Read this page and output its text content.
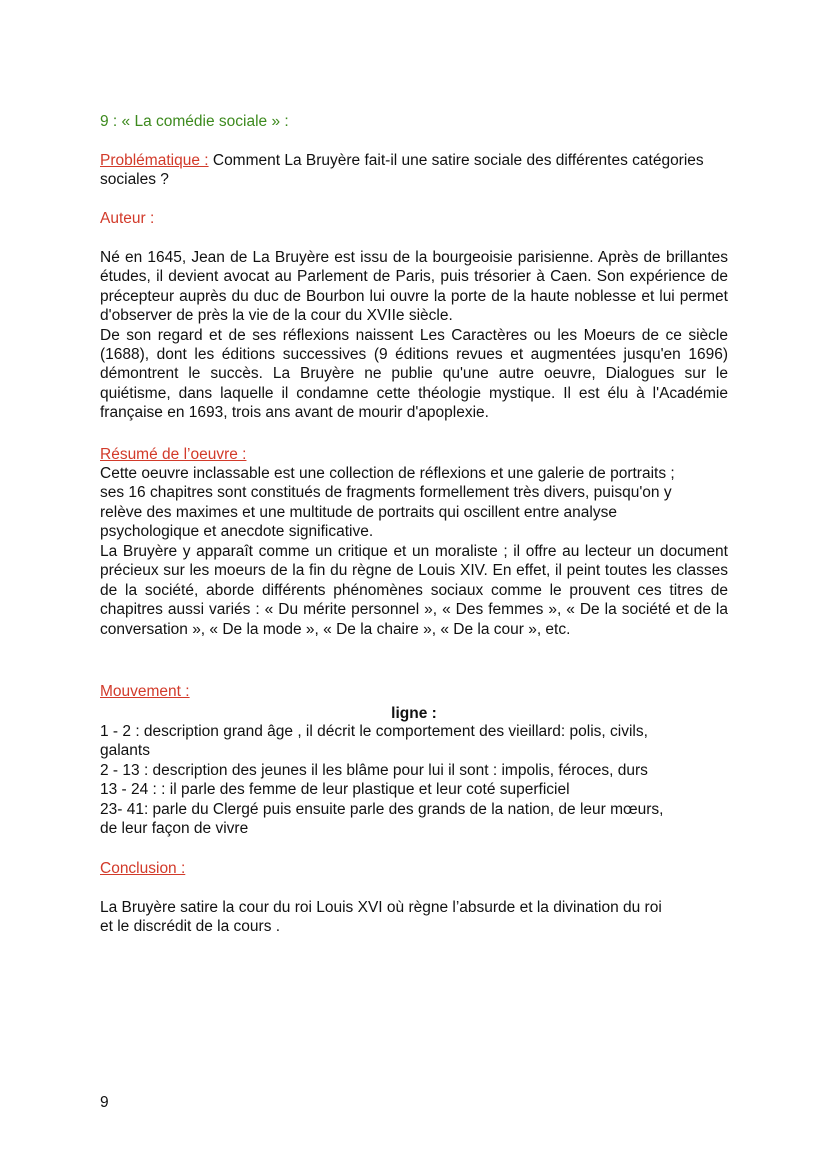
9 : « La comédie sociale » :
Problématique : Comment La Bruyère fait-il une satire sociale des différentes catégories sociales ?
Auteur :

Né en 1645, Jean de La Bruyère est issu de la bourgeoisie parisienne. Après de brillantes études, il devient avocat au Parlement de Paris, puis trésorier à Caen. Son expérience de précepteur auprès du duc de Bourbon lui ouvre la porte de la haute noblesse et lui permet d'observer de près la vie de la cour du XVIIe siècle.

De son regard et de ses réflexions naissent Les Caractères ou les Moeurs de ce siècle (1688), dont les éditions successives (9 éditions revues et augmentées jusqu'en 1696) démontrent le succès. La Bruyère ne publie qu'une autre oeuvre, Dialogues sur le quiétisme, dans laquelle il condamne cette théologie mystique. Il est élu à l'Académie française en 1693, trois ans avant de mourir d'apoplexie.

Résumé de l’oeuvre :

Cette oeuvre inclassable est une collection de réflexions et une galerie de portraits ;

ses 16 chapitres sont constitués de fragments formellement très divers, puisqu'on y

relève des maximes et une multitude de portraits qui oscillent entre analyse

psychologique et anecdote significative.

La Bruyère y apparaît comme un critique et un moraliste ; il offre au lecteur un document précieux sur les moeurs de la fin du règne de Louis XIV. En effet, il peint toutes les classes de la société, aborde différents phénomènes sociaux comme le prouvent ces titres de chapitres aussi variés : « Du mérite personnel », « Des femmes », « De la société et de la conversation », « De la mode », « De la chaire », « De la cour », etc.
Mouvement :
ligne :

1 - 2 : description grand âge , il décrit le comportement des vieillard: polis, civils,

galants

2 - 13 : description des jeunes il les blâme pour lui il sont : impolis, féroces, durs

13 - 24 : : il parle des femme de leur plastique et leur coté superficiel

23- 41: parle du Clergé puis ensuite parle des grands de la nation, de leur mœurs,

de leur façon de vivre

Conclusion :

La Bruyère satire la cour du roi Louis XVI où règne l’absurde et la divination du roi

et le discrédit de la cours .

9
